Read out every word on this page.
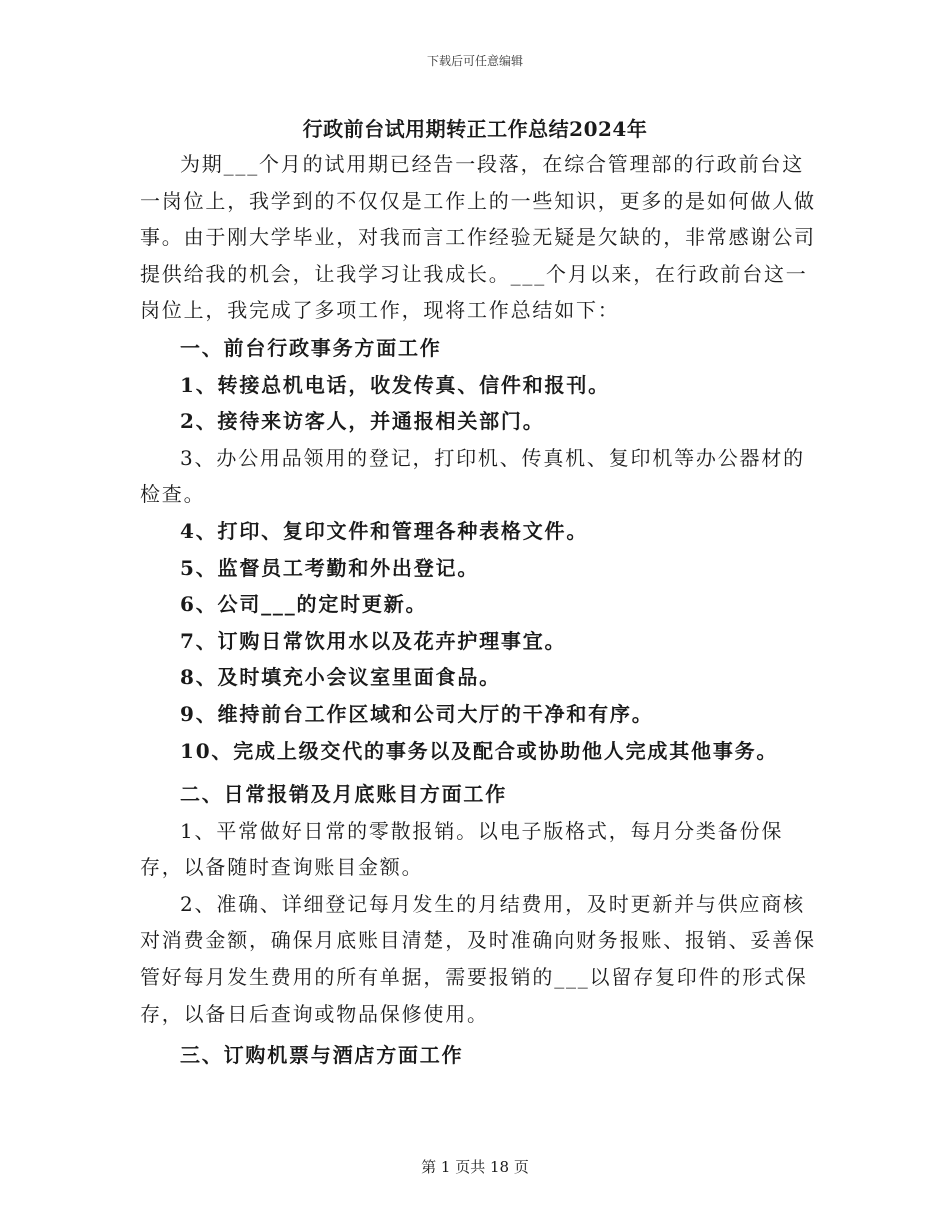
下载后可任意编辑
行政前台试用期转正工作总结2024年

为期___个月的试用期已经告一段落，在综合管理部的行政前台这一岗位上，我学到的不仅仅是工作上的一些知识，更多的是如何做人做事。由于刚大学毕业，对我而言工作经验无疑是欠缺的，非常感谢公司提供给我的机会，让我学习让我成长。___个月以来，在行政前台这一岗位上，我完成了多项工作，现将工作总结如下：

一、前台行政事务方面工作

1、转接总机电话，收发传真、信件和报刊。

2、接待来访客人，并通报相关部门。

3、办公用品领用的登记，打印机、传真机、复印机等办公器材的检查。

4、打印、复印文件和管理各种表格文件。

5、监督员工考勤和外出登记。

6、公司___的定时更新。

7、订购日常饮用水以及花卉护理事宜。

8、及时填充小会议室里面食品。

9、维持前台工作区域和公司大厅的干净和有序。

10、完成上级交代的事务以及配合或协助他人完成其他事务。

二、日常报销及月底账目方面工作

1、平常做好日常的零散报销。以电子版格式，每月分类备份保存，以备随时查询账目金额。

2、准确、详细登记每月发生的月结费用，及时更新并与供应商核对消费金额，确保月底账目清楚，及时准确向财务报账、报销、妥善保管好每月发生费用的所有单据，需要报销的___以留存复印件的形式保存，以备日后查询或物品保修使用。

三、订购机票与酒店方面工作

第 1 页共 18 页
